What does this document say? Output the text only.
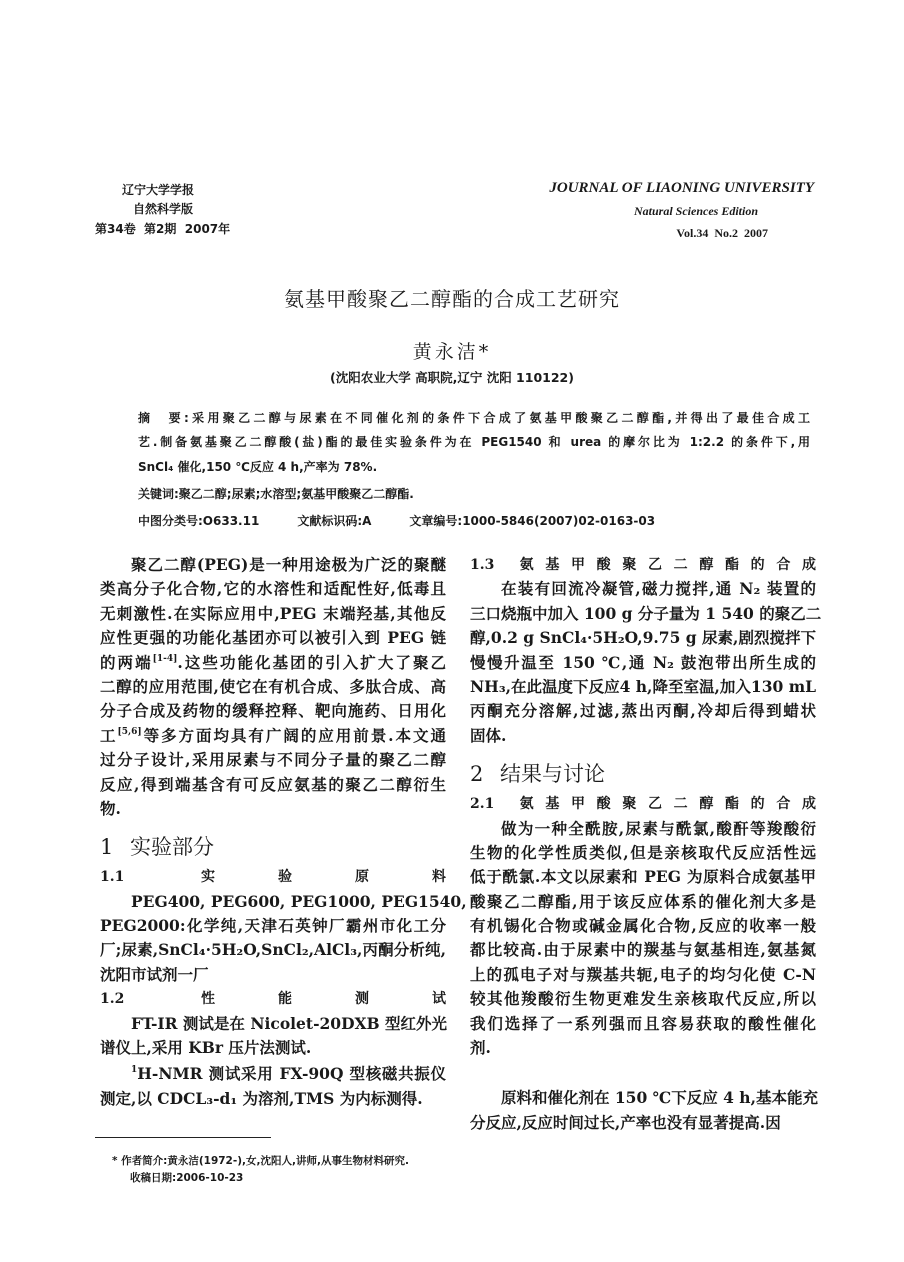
辽宁大学学报
自然科学版
第34卷  第2期  2007年
JOURNAL OF LIAONING UNIVERSITY
Natural Sciences Edition
Vol.34  No.2  2007
氨基甲酸聚乙二醇酯的合成工艺研究
黄永洁*
(沈阳农业大学 高职院,辽宁 沈阳 110122)
摘　要:采用聚乙二醇与尿素在不同催化剂的条件下合成了氨基甲酸聚乙二醇酯,并得出了最佳合成工
艺.制备氨基聚乙二醇酸(盐)酯的最佳实验条件为在 PEG1540 和 urea 的摩尔比为 1:2.2 的条件下,用
SnCl₄ 催化,150 ℃反应 4 h,产率为 78%.
关键词:聚乙二醇;尿素;水溶型;氨基甲酸聚乙二醇酯.
中图分类号:O633.11	文献标识码:A	文章编号:1000-5846(2007)02-0163-03
聚乙二醇(PEG)是一种用途极为广泛的聚醚
类高分子化合物,它的水溶性和适配性好,低毒且
无刺激性.在实际应用中,PEG 末端羟基,其他反
应性更强的功能化基团亦可以被引入到 PEG 链
的两端[1-4].这些功能化基团的引入扩大了聚乙
二醇的应用范围,使它在有机合成、多肽合成、高
分子合成及药物的缓释控释、靶向施药、日用化
工[5,6]等多方面均具有广阔的应用前景.本文通
过分子设计,采用尿素与不同分子量的聚乙二醇
反应,得到端基含有可反应氨基的聚乙二醇衍生
物.
1 实验部分
1.1 实验原料
PEG400, PEG600, PEG1000, PEG1540,
PEG2000:化学纯,天津石英钟厂霸州市化工分
厂;尿素,SnCl₄·5H₂O,SnCl₂,AlCl₃,丙酮分析纯,
沈阳市试剂一厂
1.2 性能测试
FT-IR 测试是在 Nicolet-20DXB 型红外光
谱仪上,采用 KBr 压片法测试.
$^1$H-NMR 测试采用 FX-90Q 型核磁共振仪
测定,以 CDCL₃-d₁ 为溶剂,TMS 为内标测得.
1.3 氨基甲酸聚乙二醇酯的合成
在装有回流冷凝管,磁力搅拌,通 N₂ 装置的
三口烧瓶中加入 100 g 分子量为 1 540 的聚乙二
醇,0.2 g SnCl₄·5H₂O,9.75 g 尿素,剧烈搅拌下
慢慢升温至 150 ℃,通 N₂ 鼓泡带出所生成的
NH₃,在此温度下反应4 h,降至室温,加入130 mL
丙酮充分溶解,过滤,蒸出丙酮,冷却后得到蜡状
固体.
2 结果与讨论
2.1 氨基甲酸聚乙二醇酯的合成
做为一种全酰胺,尿素与酰氯,酸酐等羧酸衍
生物的化学性质类似,但是亲核取代反应活性远
低于酰氯.本文以尿素和 PEG 为原料合成氨基甲
酸聚乙二醇酯,用于该反应体系的催化剂大多是
有机锡化合物或碱金属化合物,反应的收率一般
都比较高.由于尿素中的羰基与氨基相连,氨基氮
上的孤电子对与羰基共轭,电子的均匀化使 C-N
较其他羧酸衍生物更难发生亲核取代反应,所以
我们选择了一系列强而且容易获取的酸性催化
剂.
原料和催化剂在 150 ℃下反应 4 h,基本能充
分反应,反应时间过长,产率也没有显著提高.因
* 作者简介:黄永洁(1972-),女,沈阳人,讲师,从事生物材料研究.
收稿日期:2006-10-23
